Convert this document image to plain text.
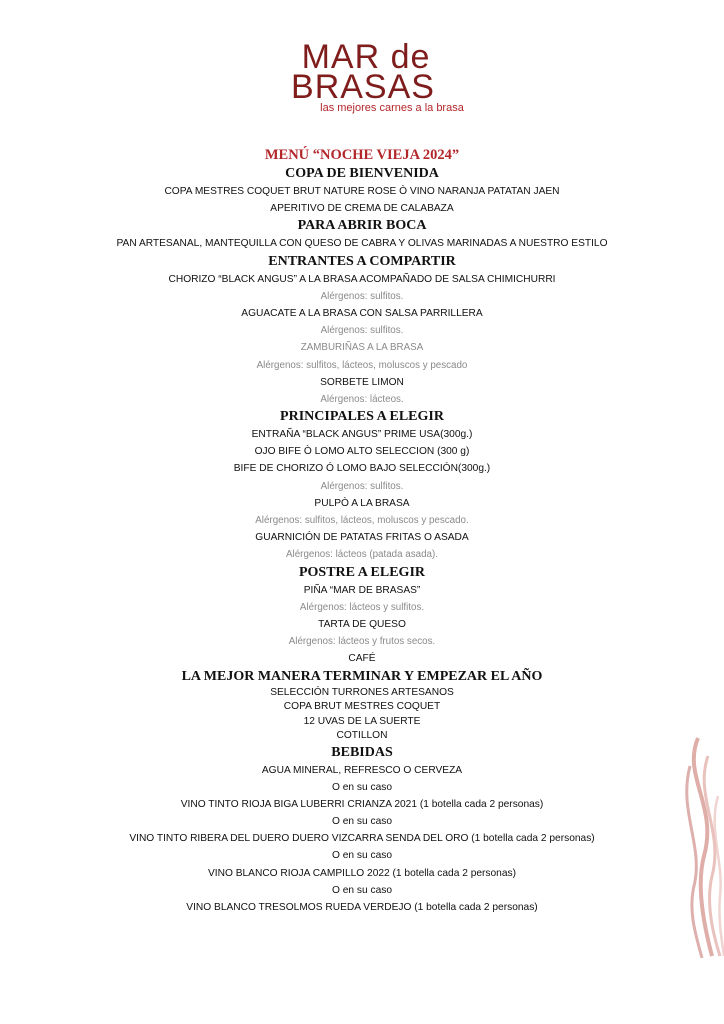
MAR de
BRASAS
las mejores carnes a la brasa
MENÚ “NOCHE VIEJA 2024”
COPA DE BIENVENIDA
COPA MESTRES COQUET BRUT NATURE ROSE Ò VINO NARANJA PATATAN JAEN
APERITIVO DE CREMA DE CALABAZA
PARA ABRIR BOCA
PAN ARTESANAL, MANTEQUILLA CON QUESO DE CABRA Y OLIVAS MARINADAS A NUESTRO ESTILO
ENTRANTES A COMPARTIR
CHORIZO “BLACK ANGUS” A LA BRASA ACOMPAÑADO DE SALSA CHIMICHURRI
Alérgenos: sulfitos.
AGUACATE A LA BRASA CON SALSA PARRILLERA
Alérgenos: sulfitos.
ZAMBURIÑAS A LA BRASA
Alérgenos: sulfitos, lácteos, moluscos y pescado
SORBETE LIMON
Alérgenos: lácteos.
PRINCIPALES A ELEGIR
ENTRAÑA “BLACK ANGUS” PRIME USA(300g.)
OJO BIFE Ò LOMO ALTO SELECCION (300 g)
BIFE DE CHORIZO Ó LOMO BAJO SELECCIÓN(300g.)
Alérgenos: sulfitos.
PULPÒ A LA BRASA
Alérgenos: sulfitos, lácteos, moluscos y pescado.
GUARNICIÓN DE PATATAS FRITAS O ASADA
Alérgenos: lácteos (patada asada).
POSTRE A ELEGIR
PIÑA “MAR DE BRASAS”
Alérgenos: lácteos y sulfitos.
TARTA DE QUESO
Alérgenos: lácteos y frutos secos.
CAFÉ
LA MEJOR MANERA TERMINAR Y EMPEZAR EL AÑO
SELECCIÓN TURRONES ARTESANOS
COPA BRUT MESTRES COQUET
12 UVAS DE LA SUERTE
COTILLON
BEBIDAS
AGUA MINERAL, REFRESCO O CERVEZA
O en su caso
VINO TINTO RIOJA BIGA LUBERRI CRIANZA 2021 (1 botella cada 2 personas)
O en su caso
VINO TINTO RIBERA DEL DUERO DUERO VIZCARRA SENDA DEL ORO (1 botella cada 2 personas)
O en su caso
VINO BLANCO RIOJA CAMPILLO 2022 (1 botella cada 2 personas)
O en su caso
VINO BLANCO TRESOLMOS RUEDA VERDEJO (1 botella cada 2 personas)
